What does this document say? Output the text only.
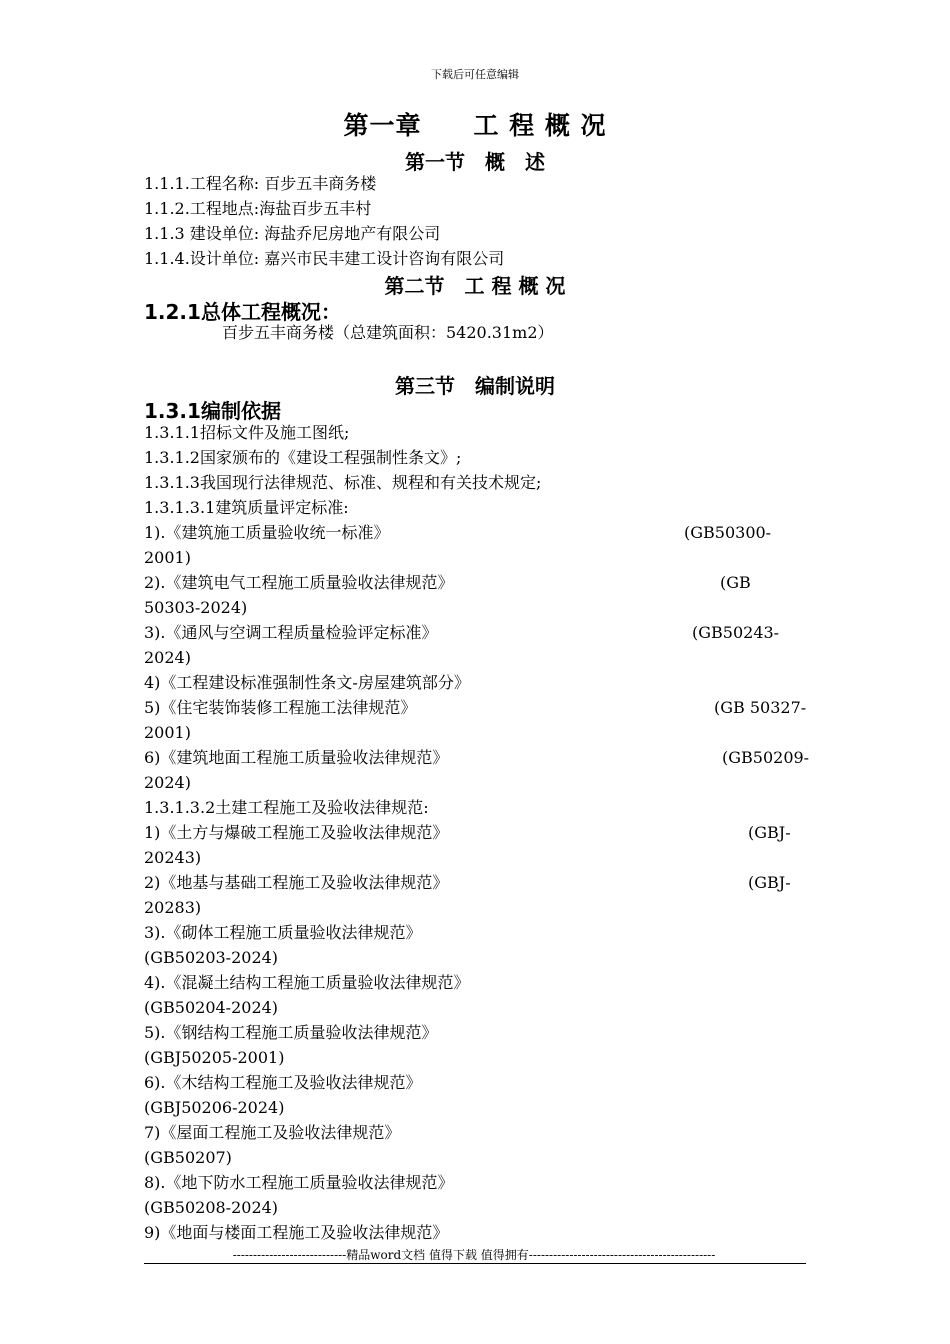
下载后可任意编辑
第一章　　工 程 概 况
第一节　概　述
1.1.1.工程名称: 百步五丰商务楼
1.1.2.工程地点:海盐百步五丰村
1.1.3 建设单位: 海盐乔尼房地产有限公司
1.1.4.设计单位: 嘉兴市民丰建工设计咨询有限公司
第二节　工 程 概 况
1.2.1总体工程概况：
百步五丰商务楼（总建筑面积：5420.31m2）
第三节　编制说明
1.3.1编制依据
1.3.1.1招标文件及施工图纸;
1.3.1.2国家颁布的《建设工程强制性条文》;
1.3.1.3我国现行法律规范、标准、规程和有关技术规定;
1.3.1.3.1建筑质量评定标准:
1).《建筑施工质量验收统一标准》	(GB50300-
2001)
2).《建筑电气工程施工质量验收法律规范》	(GB
50303-2024)
3).《通风与空调工程质量检验评定标准》	(GB50243-
2024)
4)《工程建设标准强制性条文-房屋建筑部分》
5)《住宅装饰装修工程施工法律规范》	(GB 50327-
2001)
6)《建筑地面工程施工质量验收法律规范》	(GB50209-
2024)
1.3.1.3.2土建工程施工及验收法律规范:
1)《土方与爆破工程施工及验收法律规范》	(GBJ-
20243)
2)《地基与基础工程施工及验收法律规范》	(GBJ-
20283)
3).《砌体工程施工质量验收法律规范》
(GB50203-2024)
4).《混凝土结构工程施工质量验收法律规范》
(GB50204-2024)
5).《钢结构工程施工质量验收法律规范》
(GBJ50205-2001)
6).《木结构工程施工及验收法律规范》
(GBJ50206-2024)
7)《屋面工程施工及验收法律规范》
(GB50207)
8).《地下防水工程施工质量验收法律规范》
(GB50208-2024)
9)《地面与楼面工程施工及验收法律规范》
----------------------------精品word文档 值得下载 值得拥有----------------------------------------------
